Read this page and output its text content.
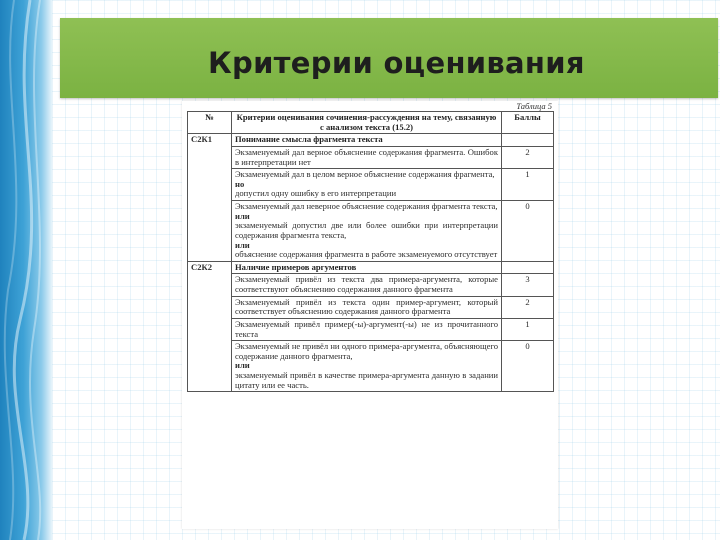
Критерии оценивания
Таблица 5
№	Критерии оценивания сочинения-рассуждения на тему, связанную с анализом текста (15.2)	Баллы
С2К1	Понимание смысла фрагмента текста	
	Экзаменуемый дал верное объяснение содержания фрагмента. Ошибок в интерпретации нет	2
	Экзаменуемый дал в целом верное объяснение содержания фрагмента,
но
допустил одну ошибку в его интерпретации	1
	Экзаменуемый дал неверное объяснение содержания фрагмента текста,
или
экзаменуемый допустил две или более ошибки при интерпретации содержания фрагмента текста,
или
объяснение содержания фрагмента в работе экзаменуемого отсутствует	0
С2К2	Наличие примеров аргументов	
	Экзаменуемый привёл из текста два примера-аргумента, которые соответствуют объяснению содержания данного фрагмента	3
	Экзаменуемый привёл из текста один пример-аргумент, который соответствует объяснению содержания данного фрагмента	2
	Экзаменуемый привёл пример(-ы)-аргумент(-ы) не из прочитанного текста	1
	Экзаменуемый не привёл ни одного примера-аргумента, объясняющего содержание данного фрагмента,
или
экзаменуемый привёл в качестве примера-аргумента данную в задании цитату или ее часть.	0
